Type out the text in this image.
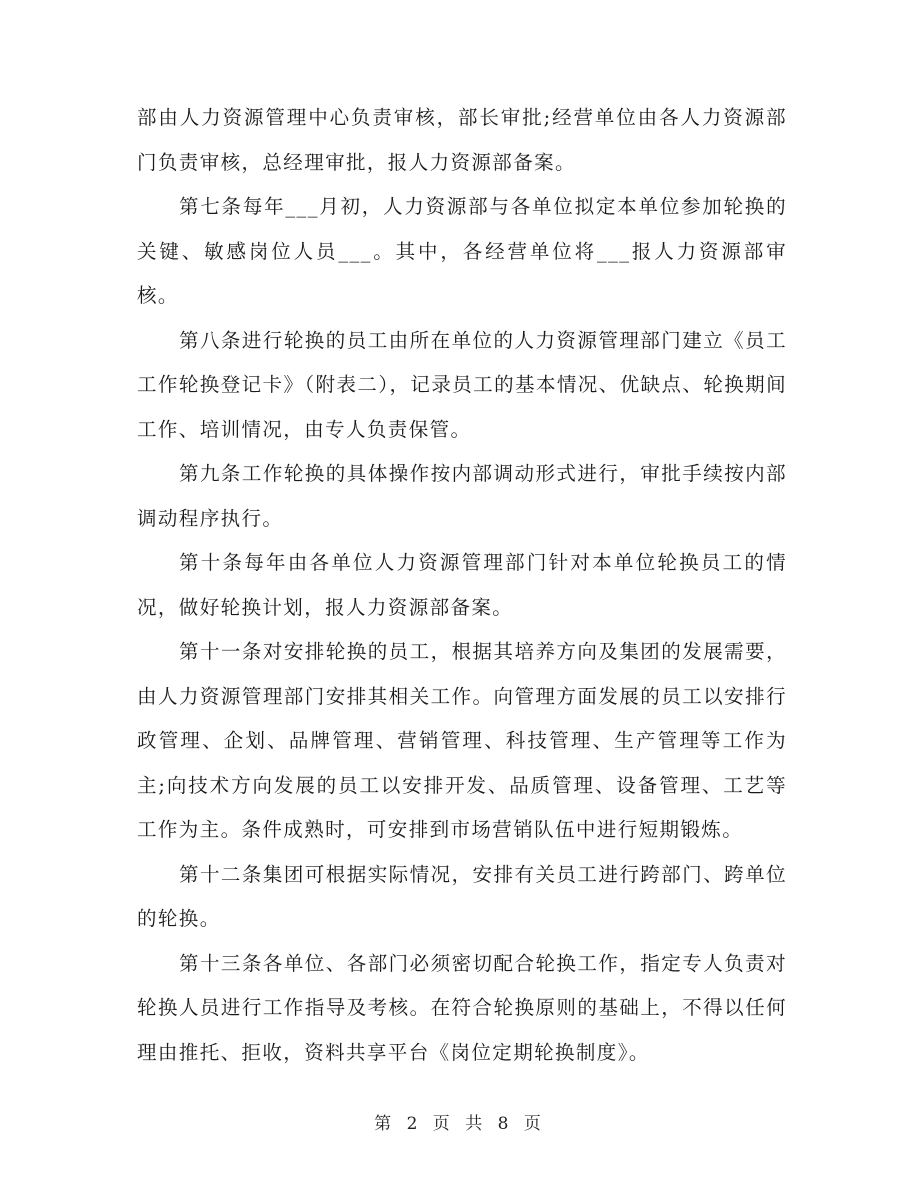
部由人力资源管理中心负责审核，部长审批;经营单位由各人力资源部门负责审核，总经理审批，报人力资源部备案。

第七条每年___月初，人力资源部与各单位拟定本单位参加轮换的关键、敏感岗位人员___。其中，各经营单位将___报人力资源部审核。

第八条进行轮换的员工由所在单位的人力资源管理部门建立《员工工作轮换登记卡》（附表二），记录员工的基本情况、优缺点、轮换期间工作、培训情况，由专人负责保管。

第九条工作轮换的具体操作按内部调动形式进行，审批手续按内部调动程序执行。

第十条每年由各单位人力资源管理部门针对本单位轮换员工的情况，做好轮换计划，报人力资源部备案。

第十一条对安排轮换的员工，根据其培养方向及集团的发展需要，由人力资源管理部门安排其相关工作。向管理方面发展的员工以安排行政管理、企划、品牌管理、营销管理、科技管理、生产管理等工作为主;向技术方向发展的员工以安排开发、品质管理、设备管理、工艺等工作为主。条件成熟时，可安排到市场营销队伍中进行短期锻炼。

第十二条集团可根据实际情况，安排有关员工进行跨部门、跨单位的轮换。

第十三条各单位、各部门必须密切配合轮换工作，指定专人负责对轮换人员进行工作指导及考核。在符合轮换原则的基础上，不得以任何理由推托、拒收，资料共享平台《岗位定期轮换制度》。

第 2 页 共 8 页
